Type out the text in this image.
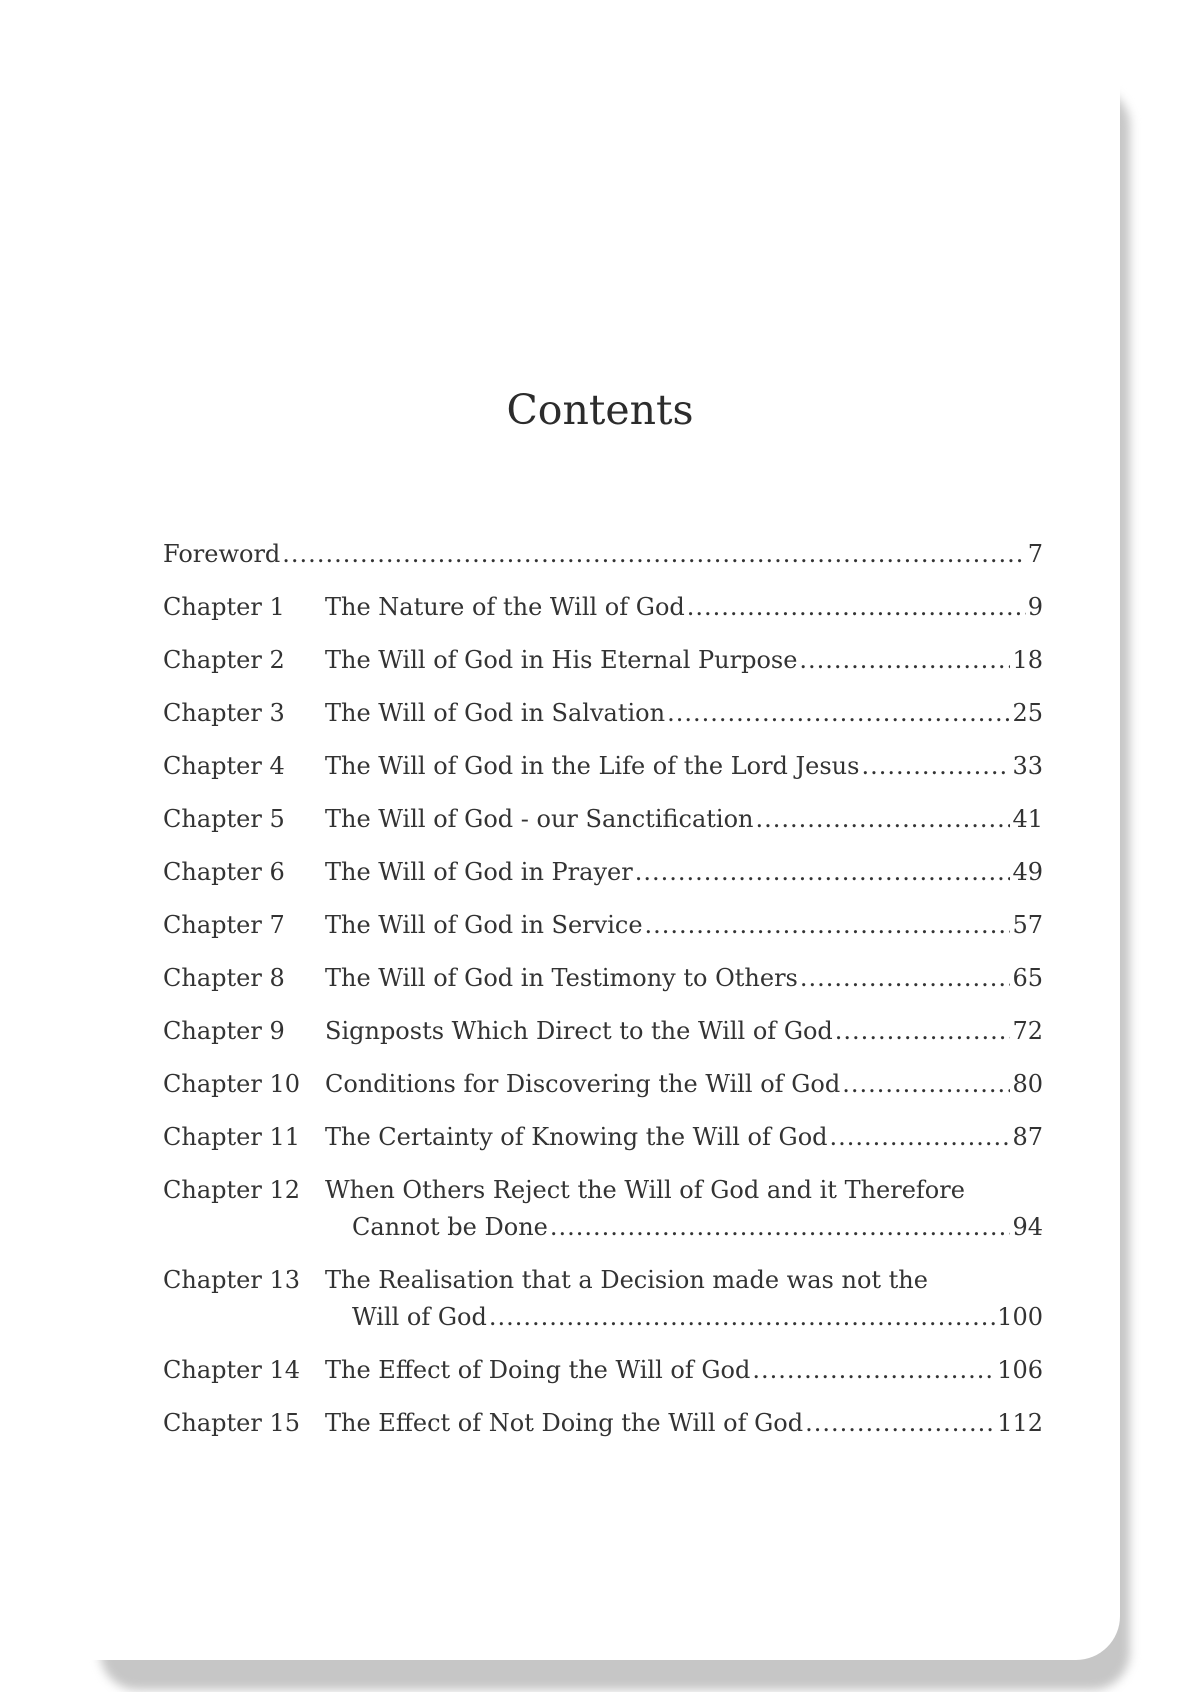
Contents
Foreword .....	7
Chapter 1 The Nature of the Will of God .....	9
Chapter 2 The Will of God in His Eternal Purpose .....	18
Chapter 3 The Will of God in Salvation .....	25
Chapter 4 The Will of God in the Life of the Lord Jesus .....	33
Chapter 5 The Will of God - our Sanctification .....	41
Chapter 6 The Will of God in Prayer .....	49
Chapter 7 The Will of God in Service .....	57
Chapter 8 The Will of God in Testimony to Others .....	65
Chapter 9 Signposts Which Direct to the Will of God .....	72
Chapter 10 Conditions for Discovering the Will of God .....	80
Chapter 11 The Certainty of Knowing the Will of God .....	87
Chapter 12 When Others Reject the Will of God and it Therefore
Cannot be Done .....	94
Chapter 13 The Realisation that a Decision made was not the
Will of God .....	100
Chapter 14 The Effect of Doing the Will of God .....	106
Chapter 15 The Effect of Not Doing the Will of God .....	112
